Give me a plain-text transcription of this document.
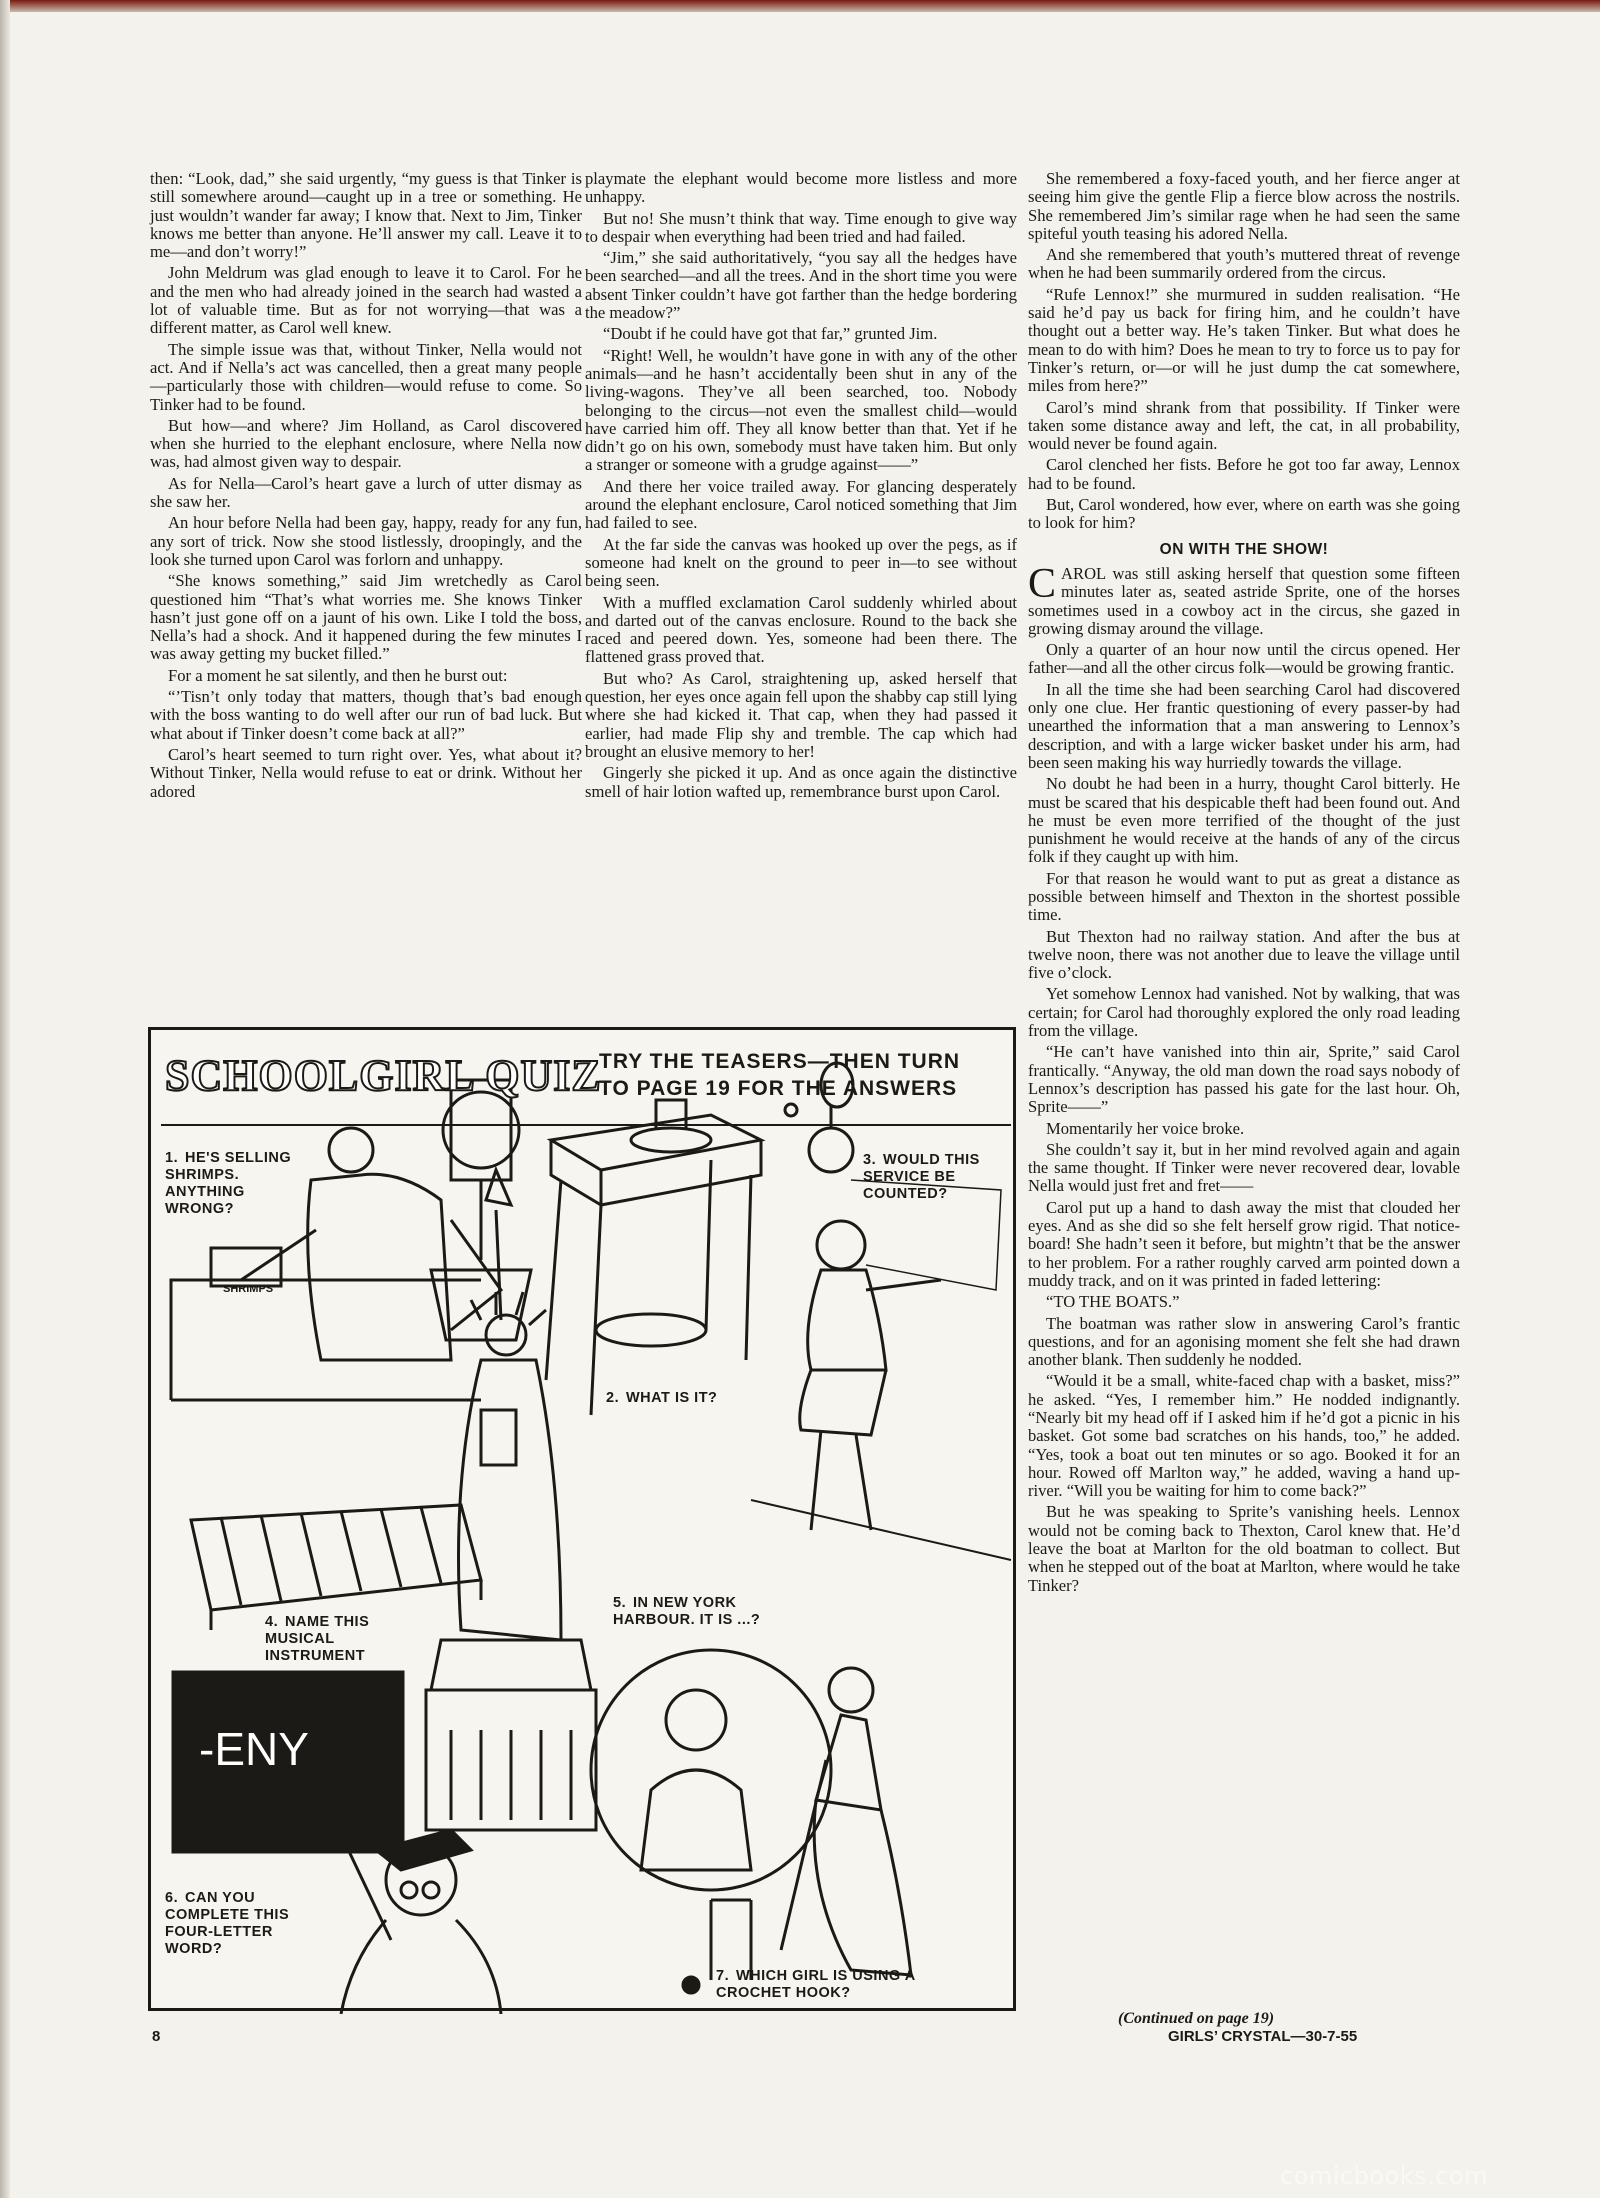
then: “Look, dad,” she said urgently, “my guess is that Tinker is still somewhere around—caught up in a tree or something. He just wouldn’t wander far away; I know that. Next to Jim, Tinker knows me better than anyone. He’ll answer my call. Leave it to me—and don’t worry!”

John Meldrum was glad enough to leave it to Carol. For he and the men who had already joined in the search had wasted a lot of valuable time. But as for not worrying—that was a different matter, as Carol well knew.

The simple issue was that, without Tinker, Nella would not act. And if Nella’s act was cancelled, then a great many people—particularly those with children—would refuse to come. So Tinker had to be found.

But how—and where? Jim Holland, as Carol discovered when she hurried to the elephant enclosure, where Nella now was, had almost given way to despair.

As for Nella—Carol’s heart gave a lurch of utter dismay as she saw her.

An hour before Nella had been gay, happy, ready for any fun, any sort of trick. Now she stood listlessly, droopingly, and the look she turned upon Carol was forlorn and unhappy.

“She knows something,” said Jim wretchedly as Carol questioned him “That’s what worries me. She knows Tinker hasn’t just gone off on a jaunt of his own. Like I told the boss, Nella’s had a shock. And it happened during the few minutes I was away getting my bucket filled.”

For a moment he sat silently, and then he burst out:

“’Tisn’t only today that matters, though that’s bad enough with the boss wanting to do well after our run of bad luck. But what about if Tinker doesn’t come back at all?”

Carol’s heart seemed to turn right over. Yes, what about it? Without Tinker, Nella would refuse to eat or drink. Without her adored

playmate the elephant would become more listless and more unhappy.

But no! She musn’t think that way. Time enough to give way to despair when everything had been tried and had failed.

“Jim,” she said authoritatively, “you say all the hedges have been searched—and all the trees. And in the short time you were absent Tinker couldn’t have got farther than the hedge bordering the meadow?”

“Doubt if he could have got that far,” grunted Jim.

“Right! Well, he wouldn’t have gone in with any of the other animals—and he hasn’t accidentally been shut in any of the living-wagons. They’ve all been searched, too. Nobody belonging to the circus—not even the smallest child—would have carried him off. They all know better than that. Yet if he didn’t go on his own, somebody must have taken him. But only a stranger or someone with a grudge against——”

And there her voice trailed away. For glancing desperately around the elephant enclosure, Carol noticed something that Jim had failed to see.

At the far side the canvas was hooked up over the pegs, as if someone had knelt on the ground to peer in—to see without being seen.

With a muffled exclamation Carol suddenly whirled about and darted out of the canvas enclosure. Round to the back she raced and peered down. Yes, someone had been there. The flattened grass proved that.

But who? As Carol, straightening up, asked herself that question, her eyes once again fell upon the shabby cap still lying where she had kicked it. That cap, when they had passed it earlier, had made Flip shy and tremble. The cap which had brought an elusive memory to her!

Gingerly she picked it up. And as once again the distinctive smell of hair lotion wafted up, remembrance burst upon Carol.

She remembered a foxy-faced youth, and her fierce anger at seeing him give the gentle Flip a fierce blow across the nostrils. She remembered Jim’s similar rage when he had seen the same spiteful youth teasing his adored Nella.

And she remembered that youth’s muttered threat of revenge when he had been summarily ordered from the circus.

“Rufe Lennox!” she murmured in sudden realisation. “He said he’d pay us back for firing him, and he couldn’t have thought out a better way. He’s taken Tinker. But what does he mean to do with him? Does he mean to try to force us to pay for Tinker’s return, or—or will he just dump the cat somewhere, miles from here?”

Carol’s mind shrank from that possibility. If Tinker were taken some distance away and left, the cat, in all probability, would never be found again.

Carol clenched her fists. Before he got too far away, Lennox had to be found.

But, Carol wondered, how ever, where on earth was she going to look for him?

ON WITH THE SHOW!

CAROL was still asking herself that question some fifteen minutes later as, seated astride Sprite, one of the horses sometimes used in a cowboy act in the circus, she gazed in growing dismay around the village.

Only a quarter of an hour now until the circus opened. Her father—and all the other circus folk—would be growing frantic.

In all the time she had been searching Carol had discovered only one clue. Her frantic questioning of every passer-by had unearthed the information that a man answering to Lennox’s description, and with a large wicker basket under his arm, had been seen making his way hurriedly towards the village.

No doubt he had been in a hurry, thought Carol bitterly. He must be scared that his despicable theft had been found out. And he must be even more terrified of the thought of the just punishment he would receive at the hands of any of the circus folk if they caught up with him.

For that reason he would want to put as great a distance as possible between himself and Thexton in the shortest possible time.

But Thexton had no railway station. And after the bus at twelve noon, there was not another due to leave the village until five o’clock.

Yet somehow Lennox had vanished. Not by walking, that was certain; for Carol had thoroughly explored the only road leading from the village.

“He can’t have vanished into thin air, Sprite,” said Carol frantically. “Anyway, the old man down the road says nobody of Lennox’s description has passed his gate for the last hour. Oh, Sprite——”

Momentarily her voice broke.

She couldn’t say it, but in her mind revolved again and again the same thought. If Tinker were never recovered dear, lovable Nella would just fret and fret——

Carol put up a hand to dash away the mist that clouded her eyes. And as she did so she felt herself grow rigid. That notice-board! She hadn’t seen it before, but mightn’t that be the answer to her problem. For a rather roughly carved arm pointed down a muddy track, and on it was printed in faded lettering:

“TO THE BOATS.”

The boatman was rather slow in answering Carol’s frantic questions, and for an agonising moment she felt she had drawn another blank. Then suddenly he nodded.

“Would it be a small, white-faced chap with a basket, miss?” he asked. “Yes, I remember him.” He nodded indignantly. “Nearly bit my head off if I asked him if he’d got a picnic in his basket. Got some bad scratches on his hands, too,” he added. “Yes, took a boat out ten minutes or so ago. Booked it for an hour. Rowed off Marlton way,” he added, waving a hand up-river. “Will you be waiting for him to come back?”

But he was speaking to Sprite’s vanishing heels. Lennox would not be coming back to Thexton, Carol knew that. He’d leave the boat at Marlton for the old boatman to collect. But when he stepped out of the boat at Marlton, where would he take Tinker?

(Continued on page 19)
SHRIMPS
-ENY
SCHOOLGIRL QUIZ
TRY THE TEASERS—THEN TURN
TO PAGE 19 FOR THE ANSWERS
1. HE'S SELLING SHRIMPS. ANYTHING WRONG?
2. WHAT IS IT?
3. WOULD THIS SERVICE BE COUNTED?
4. NAME THIS MUSICAL INSTRUMENT
5. IN NEW YORK HARBOUR. IT IS ...?
6. CAN YOU COMPLETE THIS FOUR-LETTER WORD?
7. WHICH GIRL IS USING A CROCHET HOOK?
8	GIRLS’ CRYSTAL—30-7-55
comicbooks.com
